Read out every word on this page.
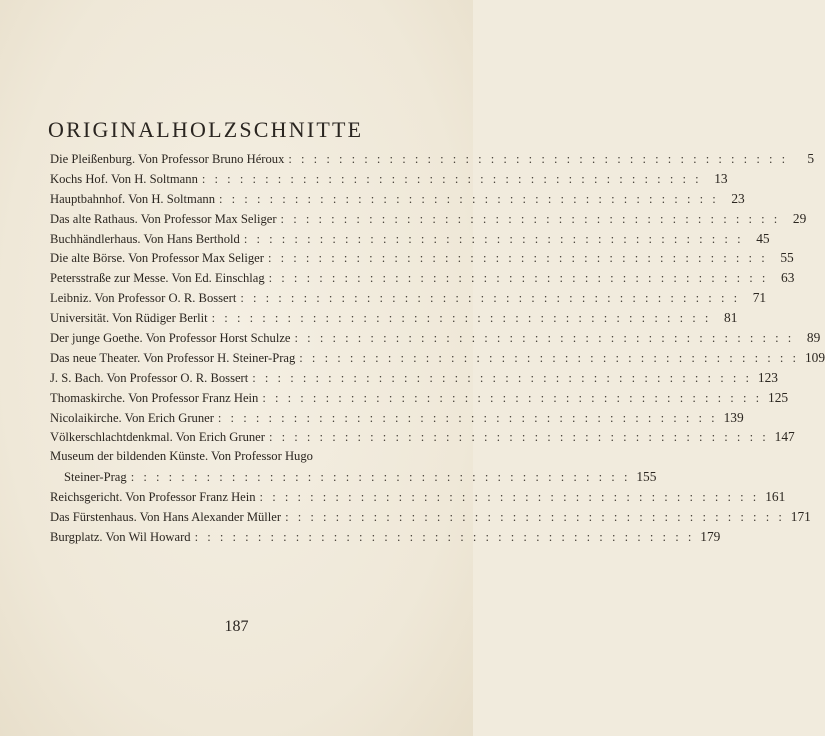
ORIGINALHOLZSCHNITTE
Die Pleißenburg. Von Professor Bruno Héroux : : : : : : : : : : : : : : : : : : : : : : : : : : : : : : : : : : : : : : : :	5
Kochs Hof. Von H. Soltmann : : : : : : : : : : : : : : : : : : : : : : : : : : : : : : : : : : : : : : : :	13
Hauptbahnhof. Von H. Soltmann : : : : : : : : : : : : : : : : : : : : : : : : : : : : : : : : : : : : : : : :	23
Das alte Rathaus. Von Professor Max Seliger : : : : : : : : : : : : : : : : : : : : : : : : : : : : : : : : : : : : : : : :	29
Buchhändlerhaus. Von Hans Berthold : : : : : : : : : : : : : : : : : : : : : : : : : : : : : : : : : : : : : : : :	45
Die alte Börse. Von Professor Max Seliger : : : : : : : : : : : : : : : : : : : : : : : : : : : : : : : : : : : : : : : :	55
Petersstraße zur Messe. Von Ed. Einschlag : : : : : : : : : : : : : : : : : : : : : : : : : : : : : : : : : : : : : : : :	63
Leibniz. Von Professor O. R. Bossert : : : : : : : : : : : : : : : : : : : : : : : : : : : : : : : : : : : : : : : :	71
Universität. Von Rüdiger Berlit : : : : : : : : : : : : : : : : : : : : : : : : : : : : : : : : : : : : : : : :	81
Der junge Goethe. Von Professor Horst Schulze : : : : : : : : : : : : : : : : : : : : : : : : : : : : : : : : : : : : : : : :	89
Das neue Theater. Von Professor H. Steiner-Prag : : : : : : : : : : : : : : : : : : : : : : : : : : : : : : : : : : : : : : : :	109
J. S. Bach. Von Professor O. R. Bossert : : : : : : : : : : : : : : : : : : : : : : : : : : : : : : : : : : : : : : : :	123
Thomaskirche. Von Professor Franz Hein : : : : : : : : : : : : : : : : : : : : : : : : : : : : : : : : : : : : : : : :	125
Nicolaikirche. Von Erich Gruner : : : : : : : : : : : : : : : : : : : : : : : : : : : : : : : : : : : : : : : :	139
Völkerschlachtdenkmal. Von Erich Gruner : : : : : : : : : : : : : : : : : : : : : : : : : : : : : : : : : : : : : : : :	147
Museum der bildenden Künste. Von Professor Hugo
Steiner-Prag : : : : : : : : : : : : : : : : : : : : : : : : : : : : : : : : : : : : : : : :	155
Reichsgericht. Von Professor Franz Hein : : : : : : : : : : : : : : : : : : : : : : : : : : : : : : : : : : : : : : : :	161
Das Fürstenhaus. Von Hans Alexander Müller : : : : : : : : : : : : : : : : : : : : : : : : : : : : : : : : : : : : : : : :	171
Burgplatz. Von Wil Howard : : : : : : : : : : : : : : : : : : : : : : : : : : : : : : : : : : : : : : : :	179
187
